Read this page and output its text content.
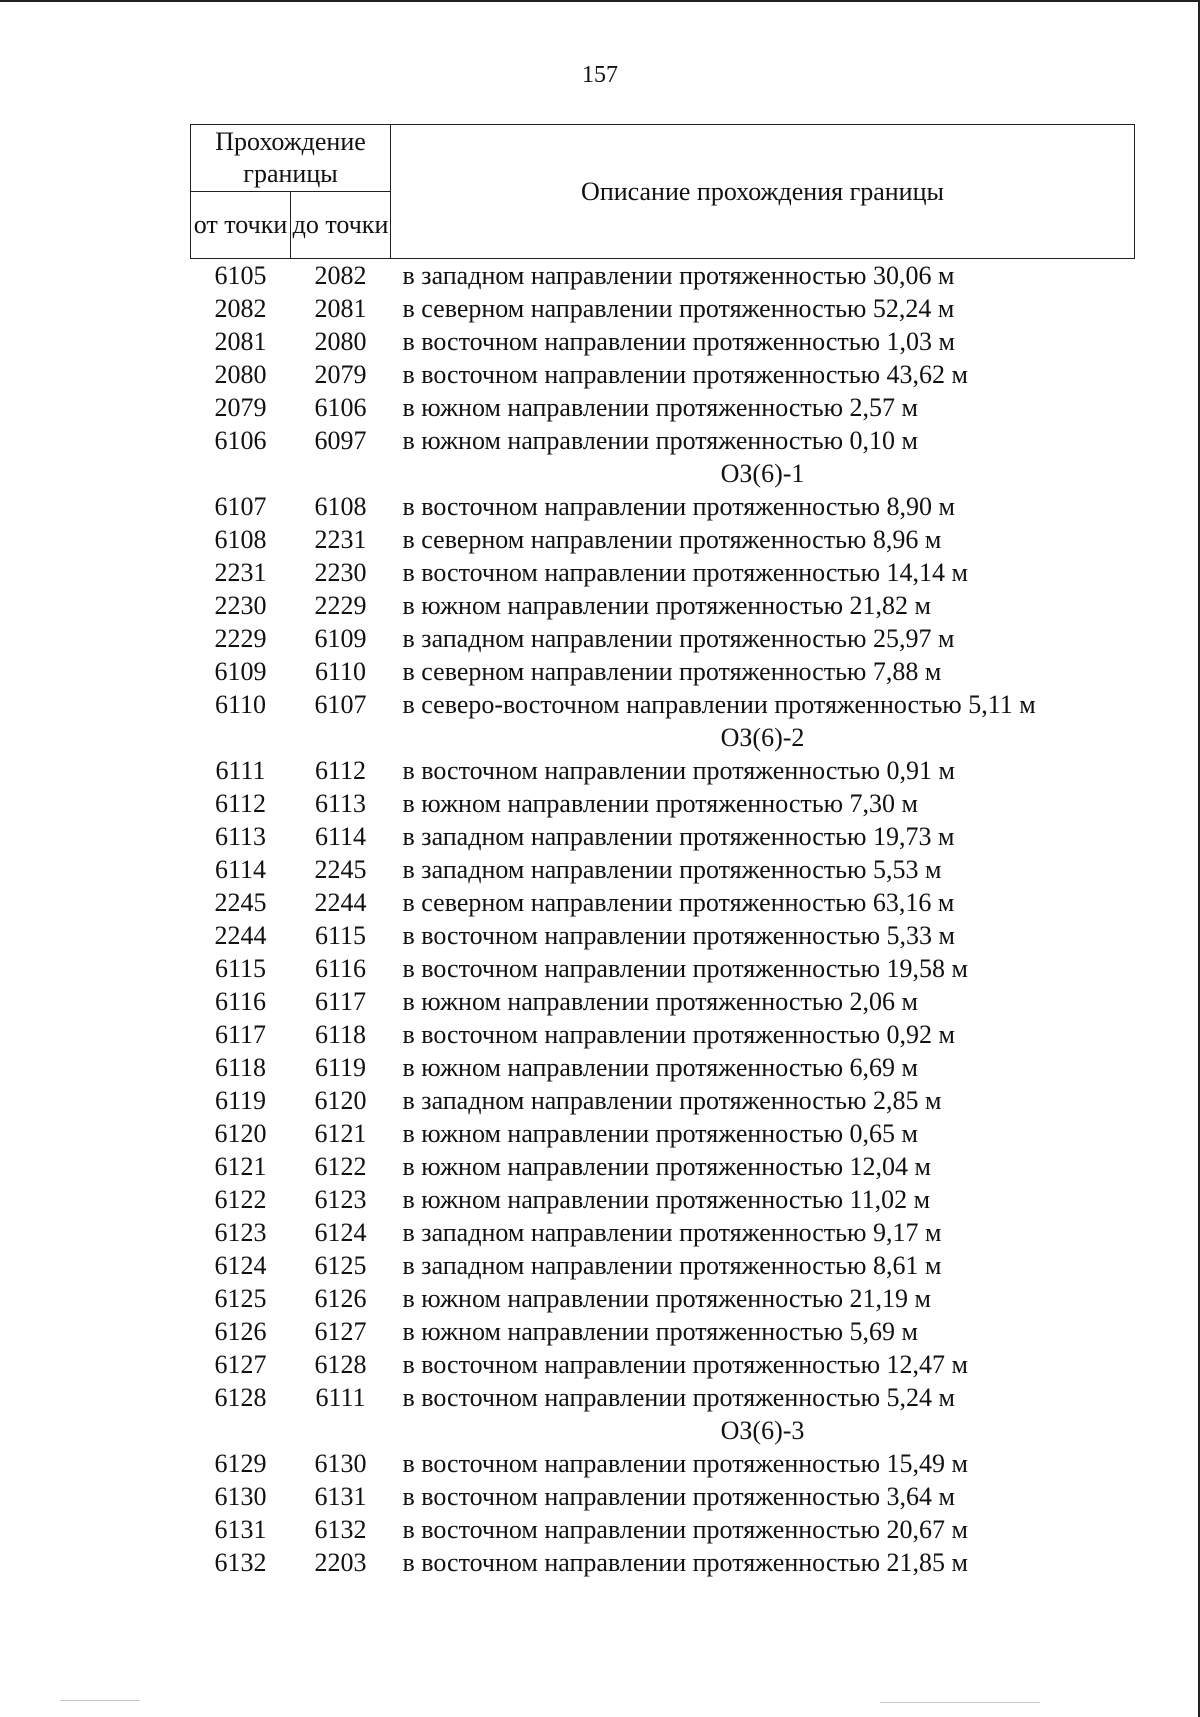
157
Прохождение границы		Описание прохождения границы
от точки	до точки	
6105	2082	в западном направлении протяженностью 30,06 м
2082	2081	в северном направлении протяженностью 52,24 м
2081	2080	в восточном направлении протяженностью 1,03 м
2080	2079	в восточном направлении протяженностью 43,62 м
2079	6106	в южном направлении протяженностью 2,57 м
6106	6097	в южном направлении протяженностью 0,10 м
ОЗ(6)-1		
6107	6108	в восточном направлении протяженностью 8,90 м
6108	2231	в северном направлении протяженностью 8,96 м
2231	2230	в восточном направлении протяженностью 14,14 м
2230	2229	в южном направлении протяженностью 21,82 м
2229	6109	в западном направлении протяженностью 25,97 м
6109	6110	в северном направлении протяженностью 7,88 м
6110	6107	в северо-восточном направлении протяженностью 5,11 м
ОЗ(6)-2		
6111	6112	в восточном направлении протяженностью 0,91 м
6112	6113	в южном направлении протяженностью 7,30 м
6113	6114	в западном направлении протяженностью 19,73 м
6114	2245	в западном направлении протяженностью 5,53 м
2245	2244	в северном направлении протяженностью 63,16 м
2244	6115	в восточном направлении протяженностью 5,33 м
6115	6116	в восточном направлении протяженностью 19,58 м
6116	6117	в южном направлении протяженностью 2,06 м
6117	6118	в восточном направлении протяженностью 0,92 м
6118	6119	в южном направлении протяженностью 6,69 м
6119	6120	в западном направлении протяженностью 2,85 м
6120	6121	в южном направлении протяженностью 0,65 м
6121	6122	в южном направлении протяженностью 12,04 м
6122	6123	в южном направлении протяженностью 11,02 м
6123	6124	в западном направлении протяженностью 9,17 м
6124	6125	в западном направлении протяженностью 8,61 м
6125	6126	в южном направлении протяженностью 21,19 м
6126	6127	в южном направлении протяженностью 5,69 м
6127	6128	в восточном направлении протяженностью 12,47 м
6128	6111	в восточном направлении протяженностью 5,24 м
ОЗ(6)-3		
6129	6130	в восточном направлении протяженностью 15,49 м
6130	6131	в восточном направлении протяженностью 3,64 м
6131	6132	в восточном направлении протяженностью 20,67 м
6132	2203	в восточном направлении протяженностью 21,85 м
